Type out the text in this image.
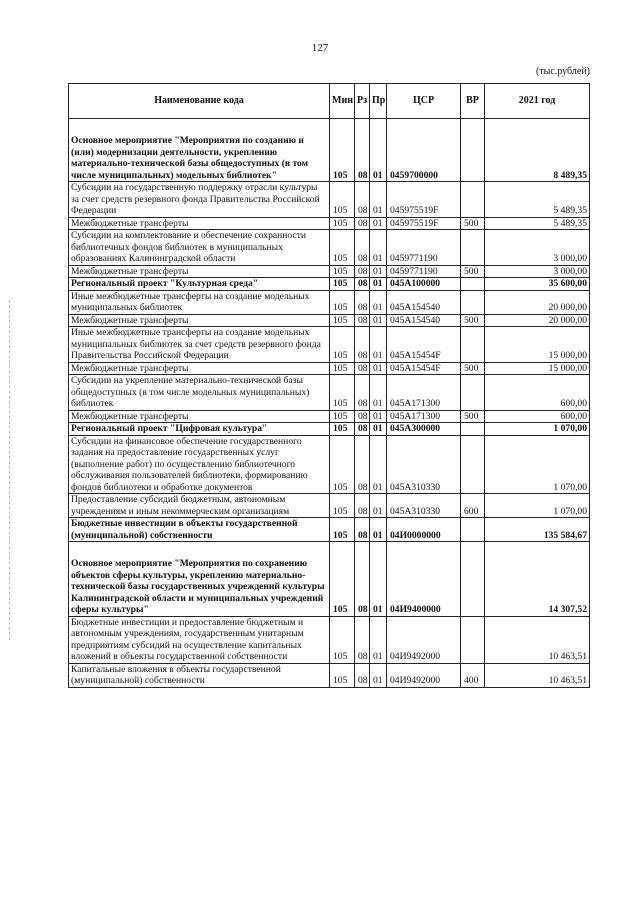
127
(тыс.рублей)
Наименование кода	Мин	Рз	Пр	ЦСР	ВР	2021 год
Основное мероприятие "Мероприятия по созданию и (или) модернизации деятельности, укреплению материально-технической базы общедоступных (в том числе муниципальных) модельных библиотек"	105	08	01	0459700000		8 489,35
Субсидии на государственную поддержку отрасли культуры за счет средств резервного фонда Правительства Российской Федерации	105	08	01	045975519F		5 489,35
Межбюджетные трансферты	105	08	01	045975519F	500	5 489,35
Субсидии на комплектование и обеспечение сохранности библиотечных фондов библиотек в муниципальных образованиях Калининградской области	105	08	01	0459771190		3 000,00
Межбюджетные трансферты	105	08	01	0459771190	500	3 000,00
Региональный проект "Культурная среда"	105	08	01	045A100000		35 600,00
Иные межбюджетные трансферты на создание модельных муниципальных библиотек	105	08	01	045A154540		20 000,00
Межбюджетные трансферты	105	08	01	045A154540	500	20 000,00
Иные межбюджетные трансферты на создание модельных муниципальных библиотек за счет средств резервного фонда Правительства Российской Федерации	105	08	01	045A15454F		15 000,00
Межбюджетные трансферты	105	08	01	045A15454F	500	15 000,00
Субсидии на укрепление материально-технической базы общедоступных (в том числе модельных муниципальных) библиотек	105	08	01	045A171300		600,00
Межбюджетные трансферты	105	08	01	045A171300	500	600,00
Региональный проект "Цифровая культура"	105	08	01	045A300000		1 070,00
Субсидии на финансовое обеспечение государственного задания на предоставление государственных услуг (выполнение работ) по осуществлению библиотечного обслуживания пользователей библиотеки, формированию фондов библиотеки и обработке документов	105	08	01	045A310330		1 070,00
Предоставление субсидий бюджетным, автономным учреждениям и иным некоммерческим организациям	105	08	01	045A310330	600	1 070,00
Бюджетные инвестиции в объекты государственной (муниципальной) собственности	105	08	01	04И0000000		135 584,67
Основное мероприятие "Мероприятия по сохранению объектов сферы культуры, укреплению материально-технической базы государственных учреждений культуры Калининградской области и муниципальных учреждений сферы культуры"	105	08	01	04И9400000		14 307,52
Бюджетные инвестиции и предоставление бюджетным и автономным учреждениям, государственным унитарным предприятиям субсидий на осуществление капитальных вложений в объекты государственной собственности	105	08	01	04И9492000		10 463,51
Капитальные вложения в объекты государственной (муниципальной) собственности	105	08	01	04И9492000	400	10 463,51
